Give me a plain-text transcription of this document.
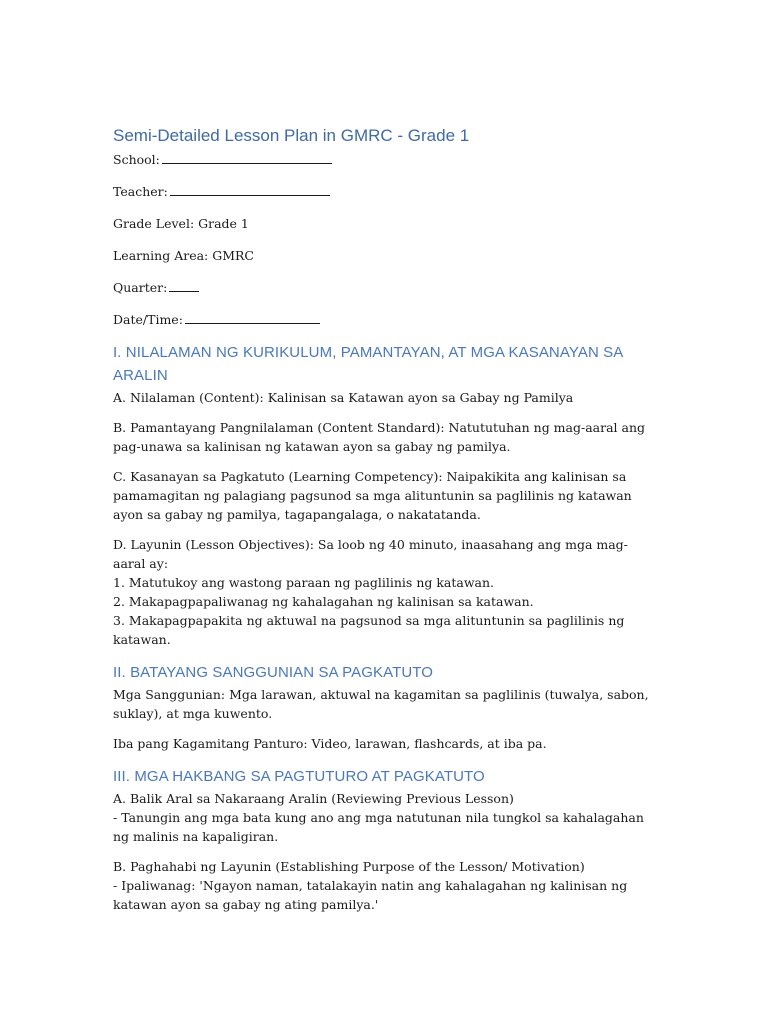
Semi-Detailed Lesson Plan in GMRC - Grade 1

School:

Teacher:

Grade Level: Grade 1

Learning Area: GMRC

Quarter:

Date/Time:

I. NILALAMAN NG KURIKULUM, PAMANTAYAN, AT MGA KASANAYAN SA ARALIN

A. Nilalaman (Content): Kalinisan sa Katawan ayon sa Gabay ng Pamilya

B. Pamantayang Pangnilalaman (Content Standard): Natututuhan ng mag-aaral ang pag-unawa sa kalinisan ng katawan ayon sa gabay ng pamilya.

C. Kasanayan sa Pagkatuto (Learning Competency): Naipakikita ang kalinisan sa pamamagitan ng palagiang pagsunod sa mga alituntunin sa paglilinis ng katawan ayon sa gabay ng pamilya, tagapangalaga, o nakatatanda.

D. Layunin (Lesson Objectives): Sa loob ng 40 minuto, inaasahang ang mga mag-aaral ay:

1. Matutukoy ang wastong paraan ng paglilinis ng katawan.

2. Makapagpapaliwanag ng kahalagahan ng kalinisan sa katawan.

3. Makapagpapakita ng aktuwal na pagsunod sa mga alituntunin sa paglilinis ng katawan.

II. BATAYANG SANGGUNIAN SA PAGKATUTO

Mga Sanggunian: Mga larawan, aktuwal na kagamitan sa paglilinis (tuwalya, sabon, suklay), at mga kuwento.

Iba pang Kagamitang Panturo: Video, larawan, flashcards, at iba pa.

III. MGA HAKBANG SA PAGTUTURO AT PAGKATUTO

A. Balik Aral sa Nakaraang Aralin (Reviewing Previous Lesson)

- Tanungin ang mga bata kung ano ang mga natutunan nila tungkol sa kahalagahan ng malinis na kapaligiran.

B. Paghahabi ng Layunin (Establishing Purpose of the Lesson/ Motivation)

- Ipaliwanag: 'Ngayon naman, tatalakayin natin ang kahalagahan ng kalinisan ng katawan ayon sa gabay ng ating pamilya.'
